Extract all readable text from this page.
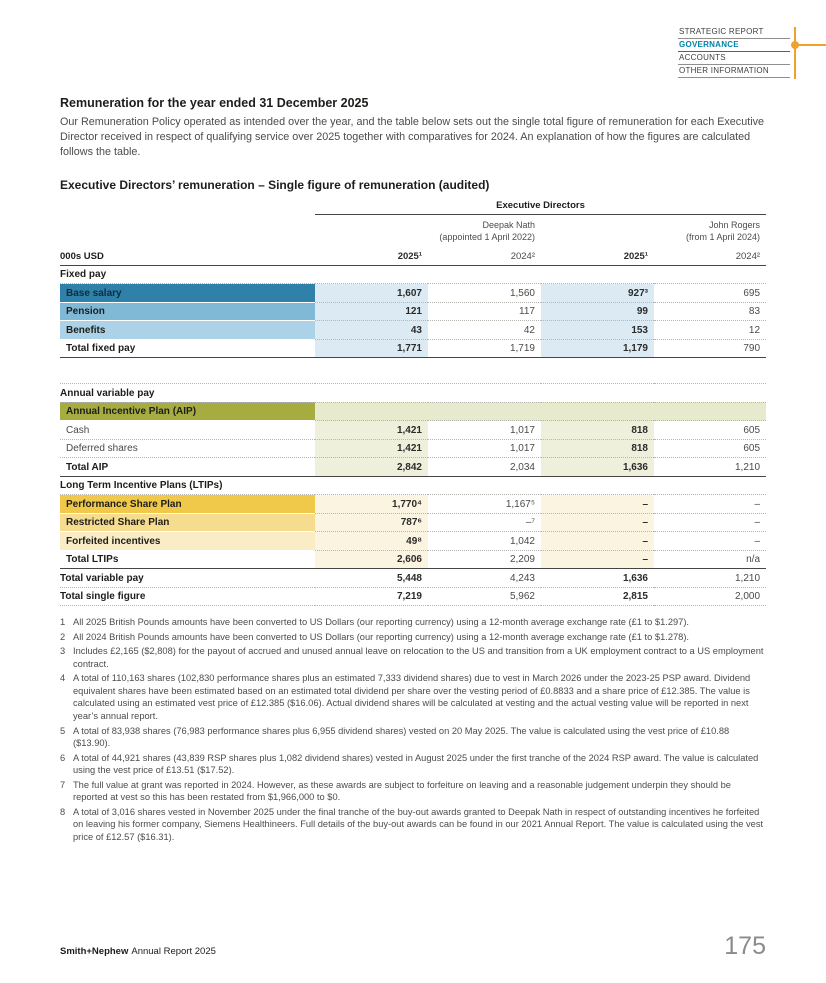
STRATEGIC REPORT
GOVERNANCE
ACCOUNTS
OTHER INFORMATION
Remuneration for the year ended 31 December 2025
Our Remuneration Policy operated as intended over the year, and the table below sets out the single total figure of remuneration for each Executive Director received in respect of qualifying service over 2025 together with comparatives for 2024. An explanation of how the figures are calculated follows the table.
Executive Directors’ remuneration – Single figure of remuneration (audited)
	Executive Directors			

Deepak Nath
(appointed 1 April 2022)

John Rogers
(from 1 April 2024)

000s USD	2025¹	2024²	2025¹	2024²
Fixed pay				
Base salary	1,607	1,560	927³	695
Pension	121	117	99	83
Benefits	43	42	153	12
Total fixed pay	1,771	1,719	1,179	790

Annual variable pay				
Annual Incentive Plan (AIP)				
Cash	1,421	1,017	818	605
Deferred shares	1,421	1,017	818	605
Total AIP	2,842	2,034	1,636	1,210
Long Term Incentive Plans (LTIPs)				
Performance Share Plan	1,770⁴	1,167⁵	–	–
Restricted Share Plan	787⁶	–⁷	–	–
Forfeited incentives	49⁸	1,042	–	–
Total LTIPs	2,606	2,209	–	n/a
Total variable pay	5,448	4,243	1,636	1,210
Total single figure	7,219	5,962	2,815	2,000
1 All 2025 British Pounds amounts have been converted to US Dollars (our reporting currency) using a 12-month average exchange rate (£1 to $1.297).
2 All 2024 British Pounds amounts have been converted to US Dollars (our reporting currency) using a 12-month average exchange rate (£1 to $1.278).
3 Includes £2,165 ($2,808) for the payout of accrued and unused annual leave on relocation to the US and transition from a UK employment contract to a US employment contract.
4 A total of 110,163 shares (102,830 performance shares plus an estimated 7,333 dividend shares) due to vest in March 2026 under the 2023-25 PSP award. Dividend equivalent shares have been estimated based on an estimated total dividend per share over the vesting period of £0.8833 and a share price of £12.385. The value is calculated using an estimated vest price of £12.385 ($16.06). Actual dividend shares will be calculated at vesting and the actual vesting value will be reported in next year’s annual report.
5 A total of 83,938 shares (76,983 performance shares plus 6,955 dividend shares) vested on 20 May 2025. The value is calculated using the vest price of £10.88 ($13.90).
6 A total of 44,921 shares (43,839 RSP shares plus 1,082 dividend shares) vested in August 2025 under the first tranche of the 2024 RSP award. The value is calculated using the vest price of £13.51 ($17.52).
7 The full value at grant was reported in 2024. However, as these awards are subject to forfeiture on leaving and a reasonable judgement underpin they should be reported at vest so this has been restated from $1,966,000 to $0.
8 A total of 3,016 shares vested in November 2025 under the final tranche of the buy-out awards granted to Deepak Nath in respect of outstanding incentives he forfeited on leaving his former company, Siemens Healthineers. Full details of the buy-out awards can be found in our 2021 Annual Report. The value is calculated using the vest price of £12.57 ($16.31).
Smith+Nephew Annual Report 2025	175
